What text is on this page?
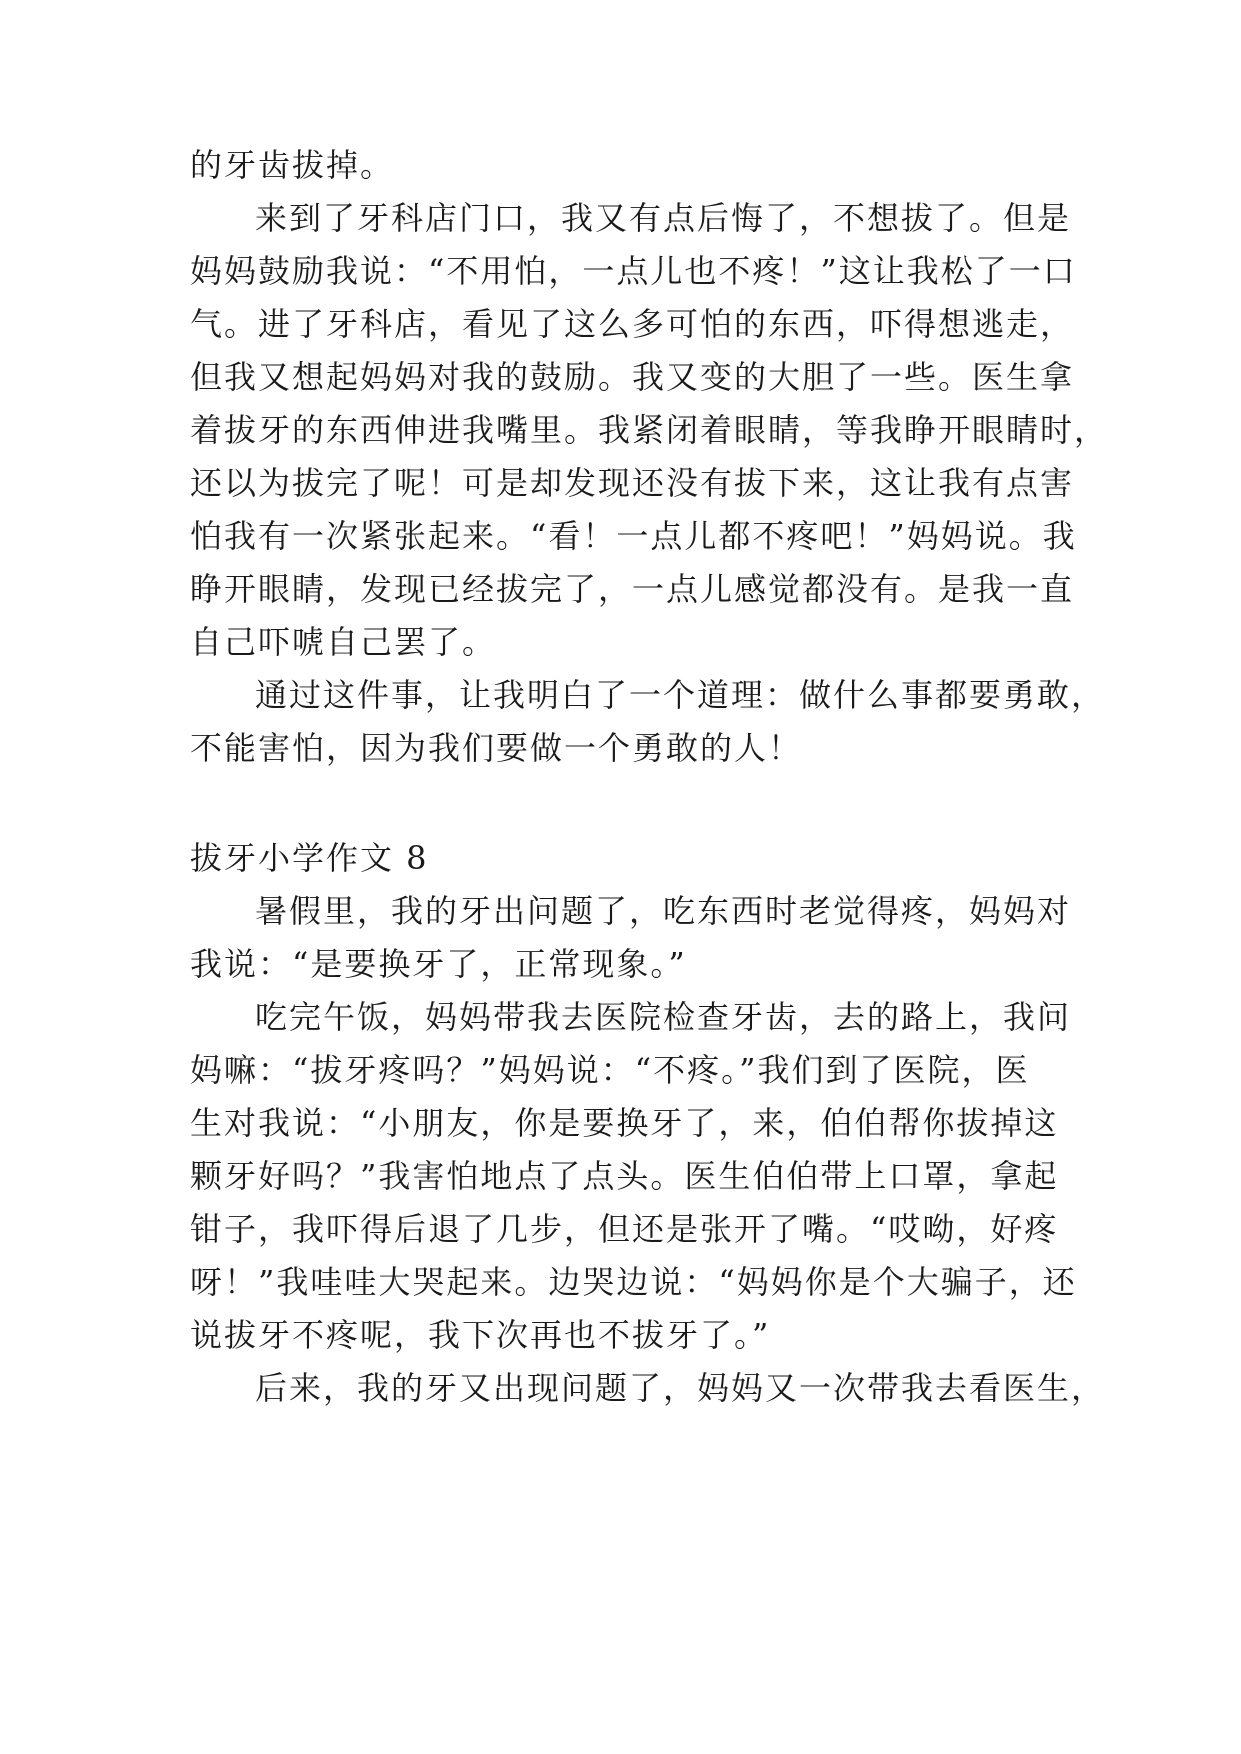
的牙齿拔掉。

来到了牙科店门口，我又有点后悔了，不想拔了。但是

妈妈鼓励我说：“不用怕，一点儿也不疼！”这让我松了一口

气。进了牙科店，看见了这么多可怕的东西，吓得想逃走，

但我又想起妈妈对我的鼓励。我又变的大胆了一些。医生拿

着拔牙的东西伸进我嘴里。我紧闭着眼睛，等我睁开眼睛时，

还以为拔完了呢！可是却发现还没有拔下来，这让我有点害

怕我有一次紧张起来。“看！一点儿都不疼吧！”妈妈说。我

睁开眼睛，发现已经拔完了，一点儿感觉都没有。是我一直

自己吓唬自己罢了。

通过这件事，让我明白了一个道理：做什么事都要勇敢，

不能害怕，因为我们要做一个勇敢的人！

拔牙小学作文 8

暑假里，我的牙出问题了，吃东西时老觉得疼，妈妈对

我说：“是要换牙了，正常现象。”

吃完午饭，妈妈带我去医院检查牙齿，去的路上，我问

妈嘛：“拔牙疼吗？”妈妈说：“不疼。”我们到了医院，医

生对我说：“小朋友，你是要换牙了，来，伯伯帮你拔掉这

颗牙好吗？”我害怕地点了点头。医生伯伯带上口罩，拿起

钳子，我吓得后退了几步，但还是张开了嘴。“哎呦，好疼

呀！”我哇哇大哭起来。边哭边说：“妈妈你是个大骗子，还

说拔牙不疼呢，我下次再也不拔牙了。”

后来，我的牙又出现问题了，妈妈又一次带我去看医生，
